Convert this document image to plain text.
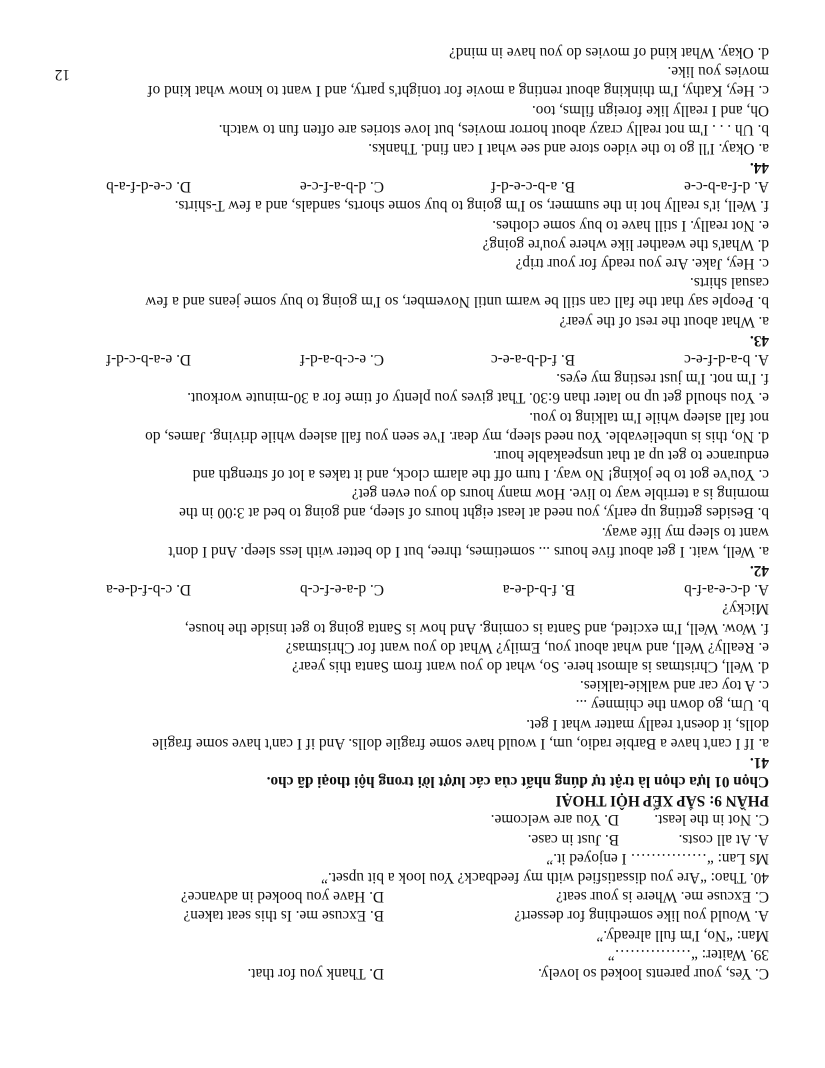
C. Yes, your parents looked so lovely.
D. Thank you for that.
39. Waiter: “……………”
Man: “No, I'm full already.”
A. Would you like something for dessert?
B. Excuse me. Is this seat taken?
C. Excuse me. Where is your seat?
D. Have you booked in advance?
40. Thao: “Are you dissatisfied with my feedback? You look a bit upset.”
Ms Lan: “…………… I enjoyed it.”
A. At all costs.
B. Just in case.
C. Not in the least.
D. You are welcome.
PHẦN 9: SẮP XẾP HỘI THOẠI
Chọn 01 lựa chọn là trật tự đúng nhất của các lượt lời trong hội thoại đã cho.
41.
a. If I can't have a Barbie radio, um, I would have some fragile dolls. And if I can't have some fragile
dolls, it doesn't really matter what I get.
b. Um, go down the chimney ...
c. A toy car and walkie-talkies.
d. Well, Christmas is almost here. So, what do you want from Santa this year?
e. Really? Well, and what about you, Emily? What do you want for Christmas?
f. Wow. Well, I'm excited, and Santa is coming. And how is Santa going to get inside the house,
Micky?
A. d-c-e-a-f-b
B. f-b-d-e-a
C. d-a-e-f-c-b
D. c-b-f-d-e-a
42.
a. Well, wait. I get about five hours ... sometimes, three, but I do better with less sleep. And I don't
want to sleep my life away.
b. Besides getting up early, you need at least eight hours of sleep, and going to bed at 3:00 in the
morning is a terrible way to live. How many hours do you even get?
c. You've got to be joking! No way. I turn off the alarm clock, and it takes a lot of strength and
endurance to get up at that unspeakable hour.
d. No, this is unbelievable. You need sleep, my dear. I've seen you fall asleep while driving. James, do
not fall asleep while I'm talking to you.
e. You should get up no later than 6:30. That gives you plenty of time for a 30-minute workout.
f. I'm not. I'm just resting my eyes.
A. b-a-d-f-e-c
B. f-d-b-a-e-c
C. e-c-b-a-d-f
D. e-a-b-c-d-f
43.
a. What about the rest of the year?
b. People say that the fall can still be warm until November, so I'm going to buy some jeans and a few
casual shirts.
c. Hey, Jake. Are you ready for your trip?
d. What's the weather like where you're going?
e. Not really. I still have to buy some clothes.
f. Well, it's really hot in the summer, so I'm going to buy some shorts, sandals, and a few T-shirts.
A. d-f-a-b-c-e
B. a-b-c-e-d-f
C. d-b-a-f-c-e
D. c-e-d-f-a-b
44.
a. Okay. I'll go to the video store and see what I can find. Thanks.
b. Uh . . . I'm not really crazy about horror movies, but love stories are often fun to watch.
Oh, and I really like foreign films, too.
c. Hey, Kathy, I'm thinking about renting a movie for tonight's party, and I want to know what kind of
movies you like.
d. Okay. What kind of movies do you have in mind?
12
